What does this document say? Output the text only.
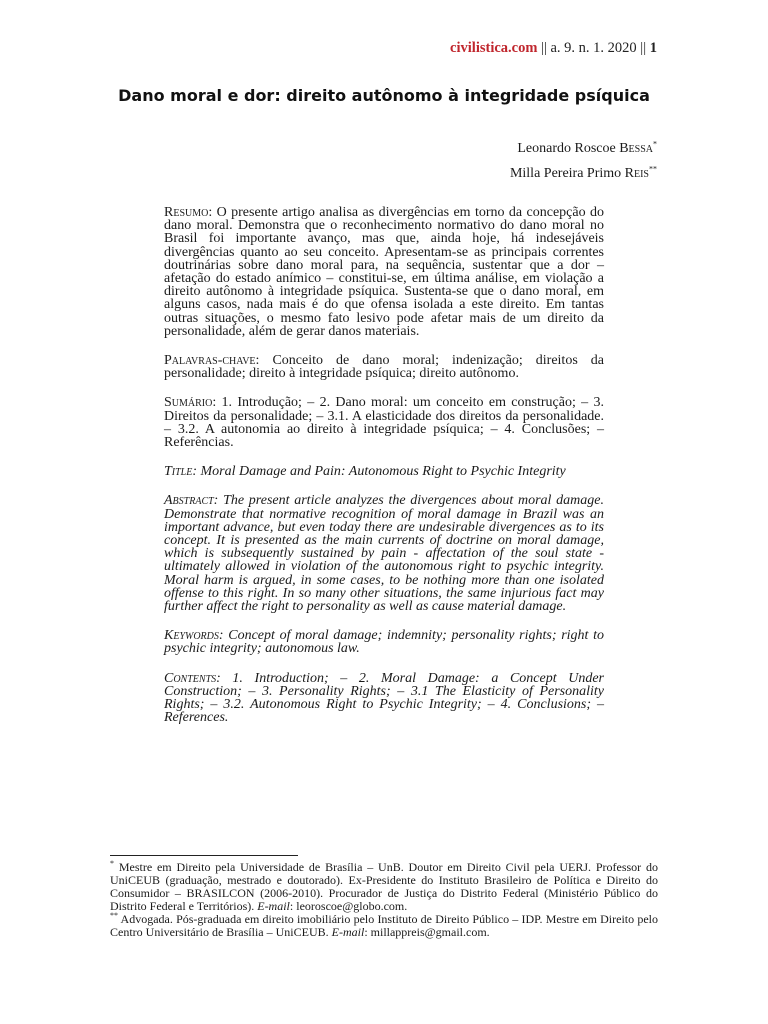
civilistica.com || a. 9. n. 1. 2020 || 1
Dano moral e dor: direito autônomo à integridade psíquica
Leonardo Roscoe Bessa*
Milla Pereira Primo Reis**

Resumo: O presente artigo analisa as divergências em torno da concepção do dano moral. Demonstra que o reconhecimento normativo do dano moral no Brasil foi importante avanço, mas que, ainda hoje, há indesejáveis divergências quanto ao seu conceito. Apresentam-se as principais correntes doutrinárias sobre dano moral para, na sequência, sustentar que a dor – afetação do estado anímico – constitui-se, em última análise, em violação a direito autônomo à integridade psíquica. Sustenta-se que o dano moral, em alguns casos, nada mais é do que ofensa isolada a este direito. Em tantas outras situações, o mesmo fato lesivo pode afetar mais de um direito da personalidade, além de gerar danos materiais.

Palavras-chave: Conceito de dano moral; indenização; direitos da personalidade; direito à integridade psíquica; direito autônomo.

Sumário: 1. Introdução; – 2. Dano moral: um conceito em construção; – 3. Direitos da personalidade; – 3.1. A elasticidade dos direitos da personalidade. – 3.2. A autonomia ao direito à integridade psíquica; – 4. Conclusões; – Referências.

Title: Moral Damage and Pain: Autonomous Right to Psychic Integrity

Abstract: The present article analyzes the divergences about moral damage. Demonstrate that normative recognition of moral damage in Brazil was an important advance, but even today there are undesirable divergences as to its concept. It is presented as the main currents of doctrine on moral damage, which is subsequently sustained by pain - affectation of the soul state - ultimately allowed in violation of the autonomous right to psychic integrity. Moral harm is argued, in some cases, to be nothing more than one isolated offense to this right. In so many other situations, the same injurious fact may further affect the right to personality as well as cause material damage.

Keywords: Concept of moral damage; indemnity; personality rights; right to psychic integrity; autonomous law.

Contents: 1. Introduction; – 2. Moral Damage: a Concept Under Construction; – 3. Personality Rights; – 3.1 The Elasticity of Personality Rights; – 3.2. Autonomous Right to Psychic Integrity; – 4. Conclusions; – References.

* Mestre em Direito pela Universidade de Brasília – UnB. Doutor em Direito Civil pela UERJ. Professor do UniCEUB (graduação, mestrado e doutorado). Ex-Presidente do Instituto Brasileiro de Política e Direito do Consumidor – BRASILCON (2006-2010). Procurador de Justiça do Distrito Federal (Ministério Público do Distrito Federal e Territórios). E-mail: leoroscoe@globo.com.

** Advogada. Pós-graduada em direito imobiliário pelo Instituto de Direito Público – IDP. Mestre em Direito pelo Centro Universitário de Brasília – UniCEUB. E-mail: millappreis@gmail.com.
